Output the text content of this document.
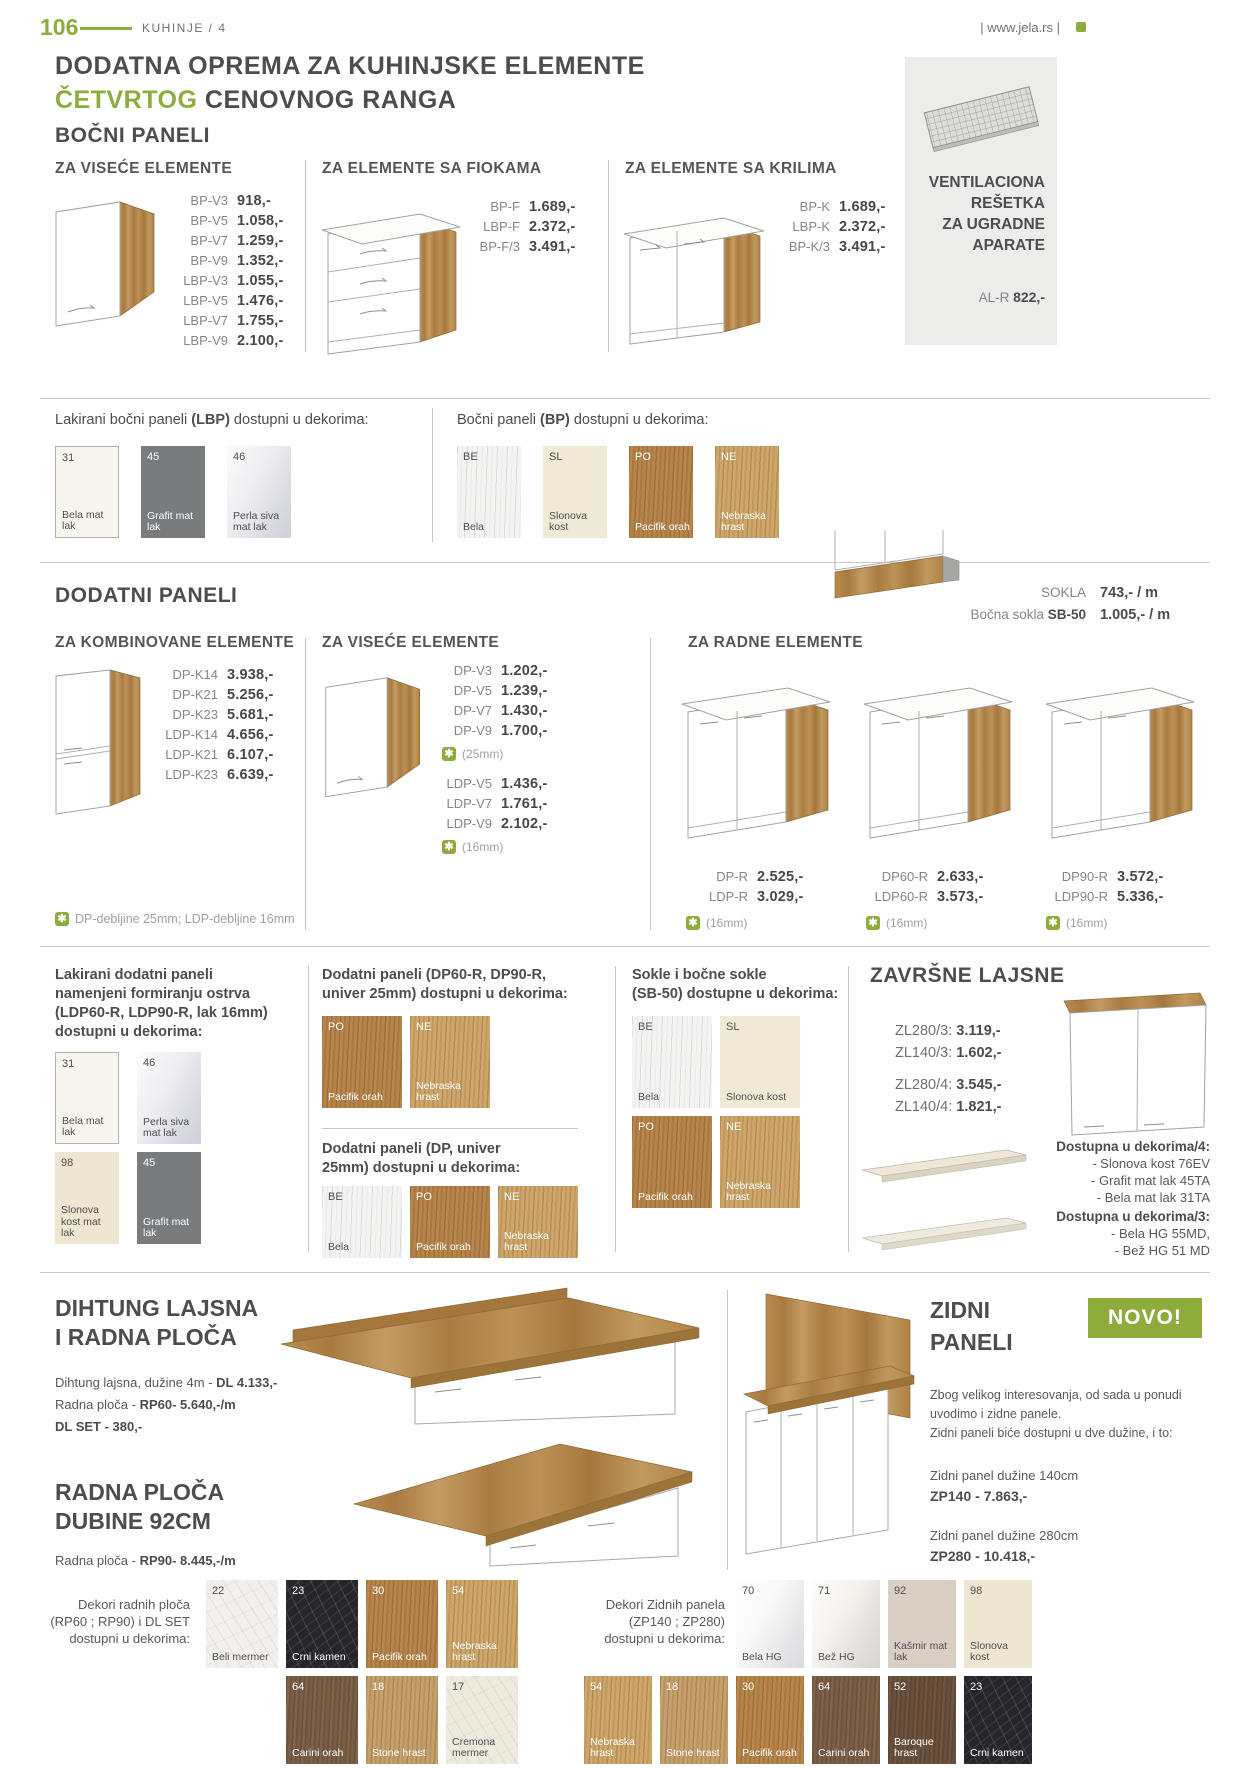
106	KUHINJE / 4	| www.jela.rs |
DODATNA OPREMA ZA KUHINJSKE ELEMENTE
ČETVRTOG CENOVNOG RANGA
VENTILACIONA
REŠETKA
ZA UGRADNE
APARATE
AL-R 822,-
BOČNI PANELI
ZA VISEĆE ELEMENTE
BP-V3 918,-
BP-V5 1.058,-
BP-V7 1.259,-
BP-V9 1.352,-
LBP-V3 1.055,-
LBP-V5 1.476,-
LBP-V7 1.755,-
LBP-V9 2.100,-
ZA ELEMENTE SA FIOKAMA
BP-F 1.689,-
LBP-F 2.372,-
BP-F/3 3.491,-
ZA ELEMENTE SA KRILIMA
BP-K 1.689,-
LBP-K 2.372,-
BP-K/3 3.491,-
Lakirani bočni paneli (LBP) dostupni u dekorima:
31
Bela mat lak
45
Grafit mat lak
46
Perla siva mat lak
Bočni paneli (BP) dostupni u dekorima:
BE
Bela
SL
Slonova kost
PO
Pacifik orah
NE
Nebraska hrast
DODATNI PANELI
ZA KOMBINOVANE ELEMENTE
DP-K14 3.938,-
DP-K21 5.256,-
DP-K23 5.681,-
LDP-K14 4.656,-
LDP-K21 6.107,-
LDP-K23 6.639,-
ZA VISEĆE ELEMENTE
DP-V3 1.202,-
DP-V5 1.239,-
DP-V7 1.430,-
DP-V9 1.700,-
✱ (25mm)
LDP-V5 1.436,-
LDP-V7 1.761,-
LDP-V9 2.102,-
✱ (16mm)
ZA RADNE ELEMENTE
SOKLA 743,- / m
Bočna sokla SB-50 1.005,- / m
DP-R 2.525,-
LDP-R 3.029,-
✱ (16mm)
DP60-R 2.633,-
LDP60-R 3.573,-
✱ (16mm)
DP90-R 3.572,-
LDP90-R 5.336,-
✱ (16mm)
✱ DP-debljine 25mm; LDP-debljine 16mm
Lakirani dodatni paneli
namenjeni formiranju ostrva
(LDP60-R, LDP90-R, lak 16mm)
dostupni u dekorima:
31
Bela mat lak
46
Perla siva mat lak
98
Slonova kost mat lak
45
Grafit mat lak
Dodatni paneli (DP60-R, DP90-R,
univer 25mm) dostupni u dekorima:
PO
Pacifik orah
NE
Nebraska hrast
Dodatni paneli (DP, univer
25mm) dostupni u dekorima:
BE
Bela
PO
Pacifik orah
NE
Nebraska hrast
Sokle i bočne sokle
(SB-50) dostupne u dekorima:
BE
Bela
SL
Slonova kost
PO
Pacifik orah
NE
Nebraska hrast
ZAVRŠNE LAJSNE
ZL280/3: 3.119,-
ZL140/3: 1.602,-
ZL280/4: 3.545,-
ZL140/4: 1.821,-
Dostupna u dekorima/4:
- Slonova kost 76EV
- Grafit mat lak 45TA
- Bela mat lak 31TA
Dostupna u dekorima/3:
- Bela HG 55MD,
- Bež HG 51 MD
DIHTUNG LAJSNA
I RADNA PLOČA
Dihtung lajsna, dužine 4m - DL 4.133,-
Radna ploča - RP60- 5.640,-/m
DL SET - 380,-
RADNA PLOČA
DUBINE 92CM
Radna ploča - RP90- 8.445,-/m
Dekori radnih ploča
(RP60 ; RP90) i DL SET
dostupni u dekorima:
22
Beli mermer
23
Crni kamen
30
Pacifik orah
54
Nebraska hrast
64
Carini orah
18
Stone hrast
17
Cremona mermer
ZIDNI
PANELI
NOVO!
Zbog velikog interesovanja, od sada u ponudi
uvodimo i zidne panele.
Zidni paneli biće dostupni u dve dužine, i to:
Zidni panel dužine 140cm
ZP140 - 7.863,-
Zidni panel dužine 280cm
ZP280 - 10.418,-
Dekori Zidnih panela
(ZP140 ; ZP280)
dostupni u dekorima:
70
Bela HG
71
Bež HG
92
Kašmir mat lak
98
Slonova kost
54
Nebraska hrast
18
Stone hrast
30
Pacifik orah
64
Carini orah
52
Baroque hrast
23
Crni kamen
